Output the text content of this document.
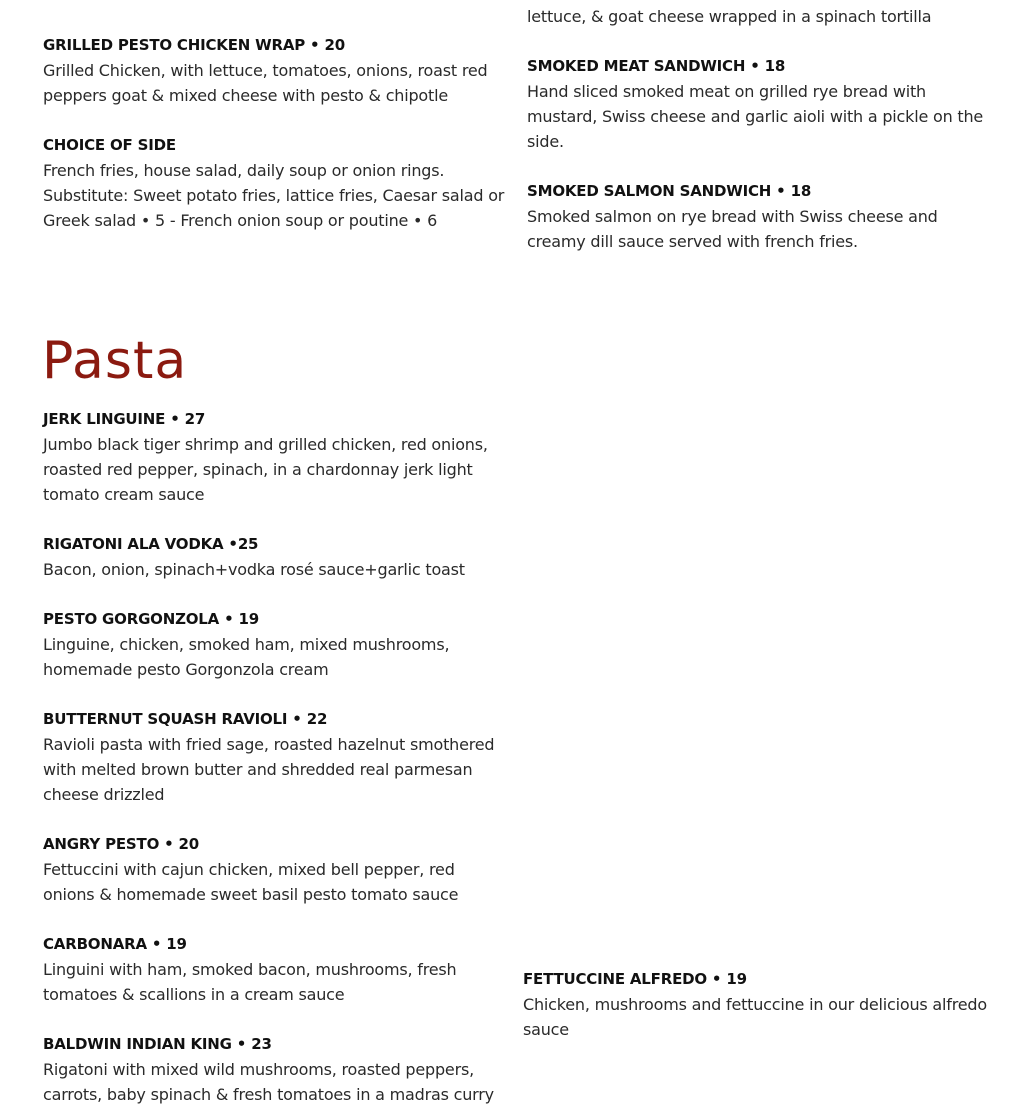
GRILLED PESTO CHICKEN WRAP • 20
Grilled Chicken, with lettuce, tomatoes, onions, roast red peppers goat & mixed cheese with pesto & chipotle
CHOICE OF SIDE
French fries, house salad, daily soup or onion rings. Substitute: Sweet potato fries, lattice fries, Caesar salad or Greek salad • 5 - French onion soup or poutine • 6
lettuce, & goat cheese wrapped in a spinach tortilla
SMOKED MEAT SANDWICH • 18
Hand sliced smoked meat on grilled rye bread with mustard, Swiss cheese and garlic aioli with a pickle on the side.
SMOKED SALMON SANDWICH • 18
Smoked salmon on rye bread with Swiss cheese and creamy dill sauce served with french fries.
Pasta
JERK LINGUINE • 27
Jumbo black tiger shrimp and grilled chicken, red onions, roasted red pepper, spinach, in a chardonnay jerk light tomato cream sauce
RIGATONI ALA VODKA •25
Bacon, onion, spinach+vodka rosé sauce+garlic toast
PESTO GORGONZOLA • 19
Linguine, chicken, smoked ham, mixed mushrooms, homemade pesto Gorgonzola cream
BUTTERNUT SQUASH RAVIOLI • 22
Ravioli pasta with fried sage, roasted hazelnut smothered with melted brown butter and shredded real parmesan cheese drizzled
ANGRY PESTO • 20
Fettuccini with cajun chicken, mixed bell pepper, red onions & homemade sweet basil pesto tomato sauce
CARBONARA • 19
Linguini with ham, smoked bacon, mushrooms, fresh tomatoes & scallions in a cream sauce
BALDWIN INDIAN KING • 23
Rigatoni with mixed wild mushrooms, roasted peppers, carrots, baby spinach & fresh tomatoes in a madras curry
FETTUCCINE ALFREDO • 19
Chicken, mushrooms and fettuccine in our delicious alfredo sauce
